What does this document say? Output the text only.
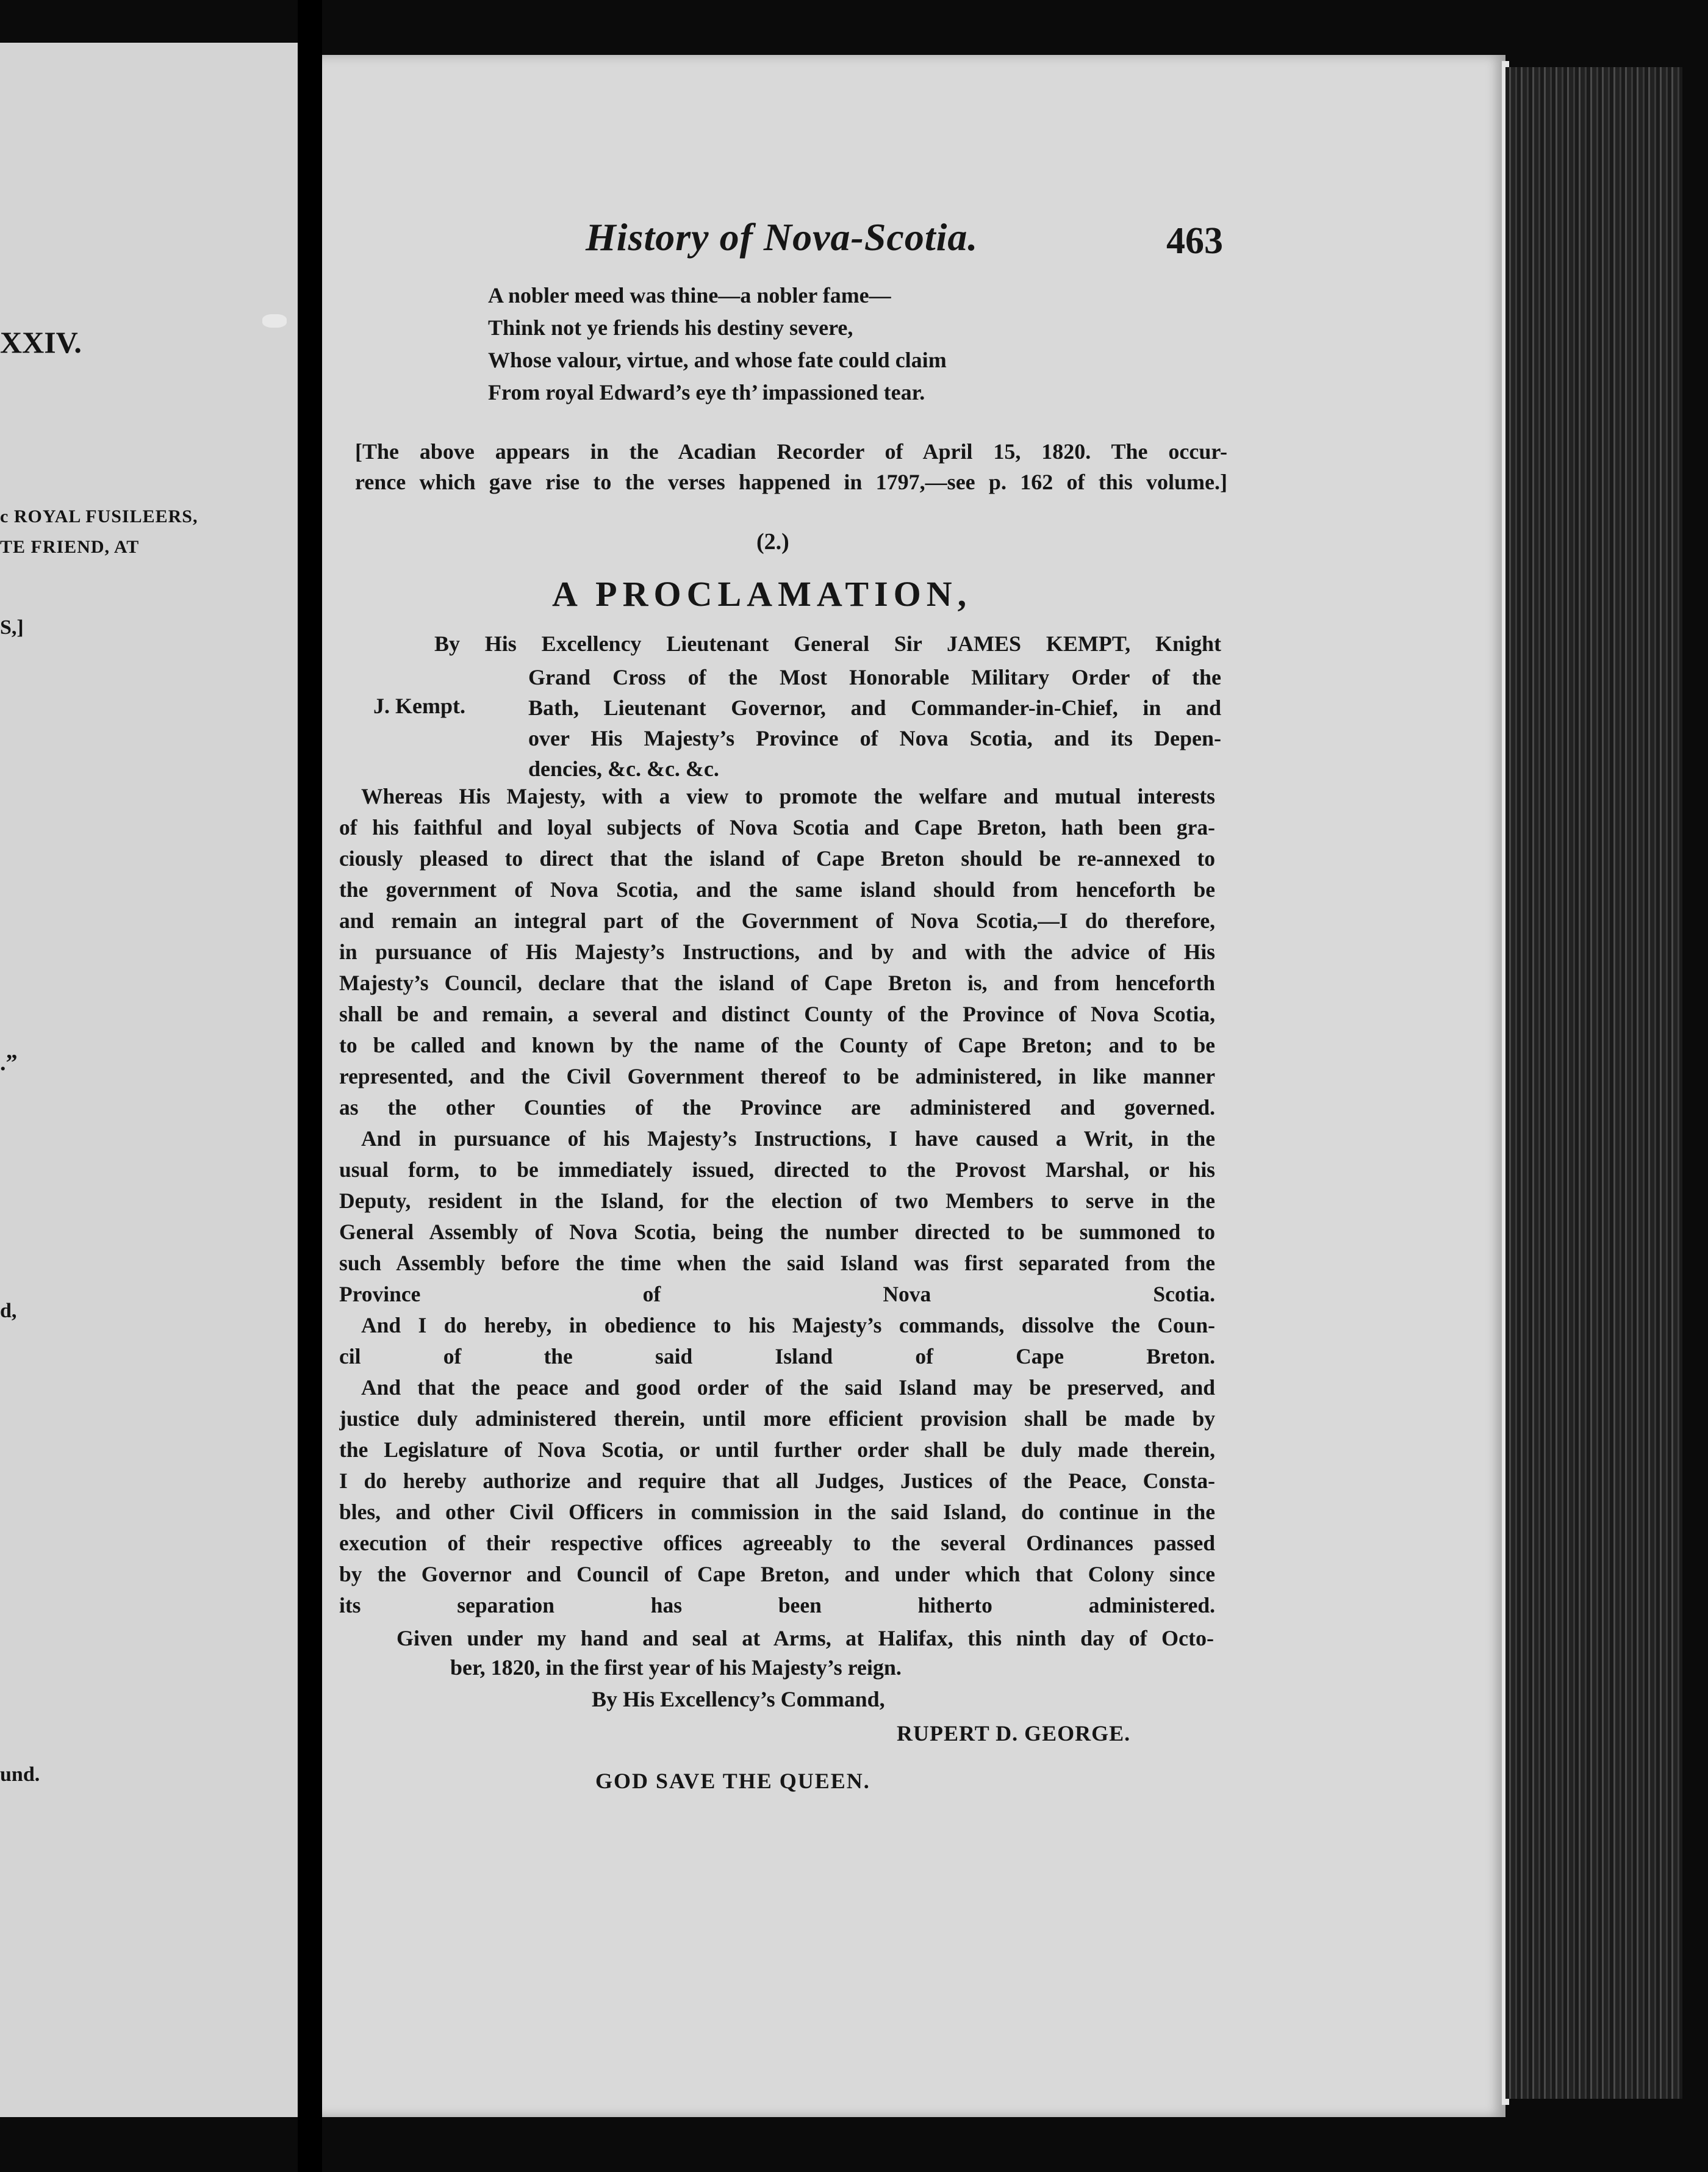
XXIV.
c ROYAL FUSILEERS,
TE FRIEND, AT
S,]
.”
d,
und.
History of Nova-Scotia.	463
A nobler meed was thine—a nobler fame—
Think not ye friends his destiny severe,
Whose valour, virtue, and whose fate could claim
From royal Edward’s eye th’ impassioned tear.
[The above appears in the Acadian Recorder of April 15, 1820. The occur-
rence which gave rise to the verses happened in 1797,—see p. 162 of this volume.]
(2.)
A PROCLAMATION,
By His Excellency Lieutenant General Sir JAMES KEMPT, Knight
Grand Cross of the Most Honorable Military Order of the
Bath, Lieutenant Governor, and Commander-in-Chief, in and
over His Majesty’s Province of Nova Scotia, and its Depen-
dencies, &c. &c. &c.
J. Kempt.
Whereas His Majesty, with a view to promote the welfare and mutual interests
of his faithful and loyal subjects of Nova Scotia and Cape Breton, hath been gra-
ciously pleased to direct that the island of Cape Breton should be re-annexed to
the government of Nova Scotia, and the same island should from henceforth be
and remain an integral part of the Government of Nova Scotia,—I do therefore,
in pursuance of His Majesty’s Instructions, and by and with the advice of His
Majesty’s Council, declare that the island of Cape Breton is, and from henceforth
shall be and remain, a several and distinct County of the Province of Nova Scotia,
to be called and known by the name of the County of Cape Breton; and to be
represented, and the Civil Government thereof to be administered, in like manner
as the other Counties of the Province are administered and governed.
And in pursuance of his Majesty’s Instructions, I have caused a Writ, in the
usual form, to be immediately issued, directed to the Provost Marshal, or his
Deputy, resident in the Island, for the election of two Members to serve in the
General Assembly of Nova Scotia, being the number directed to be summoned to
such Assembly before the time when the said Island was first separated from the
Province of Nova Scotia.
And I do hereby, in obedience to his Majesty’s commands, dissolve the Coun-
cil of the said Island of Cape Breton.
And that the peace and good order of the said Island may be preserved, and
justice duly administered therein, until more efficient provision shall be made by
the Legislature of Nova Scotia, or until further order shall be duly made therein,
I do hereby authorize and require that all Judges, Justices of the Peace, Consta-
bles, and other Civil Officers in commission in the said Island, do continue in the
execution of their respective offices agreeably to the several Ordinances passed
by the Governor and Council of Cape Breton, and under which that Colony since
its separation has been hitherto administered.
Given under my hand and seal at Arms, at Halifax, this ninth day of Octo-
ber, 1820, in the first year of his Majesty’s reign.
By His Excellency’s Command,
RUPERT D. GEORGE.
GOD SAVE THE QUEEN.
